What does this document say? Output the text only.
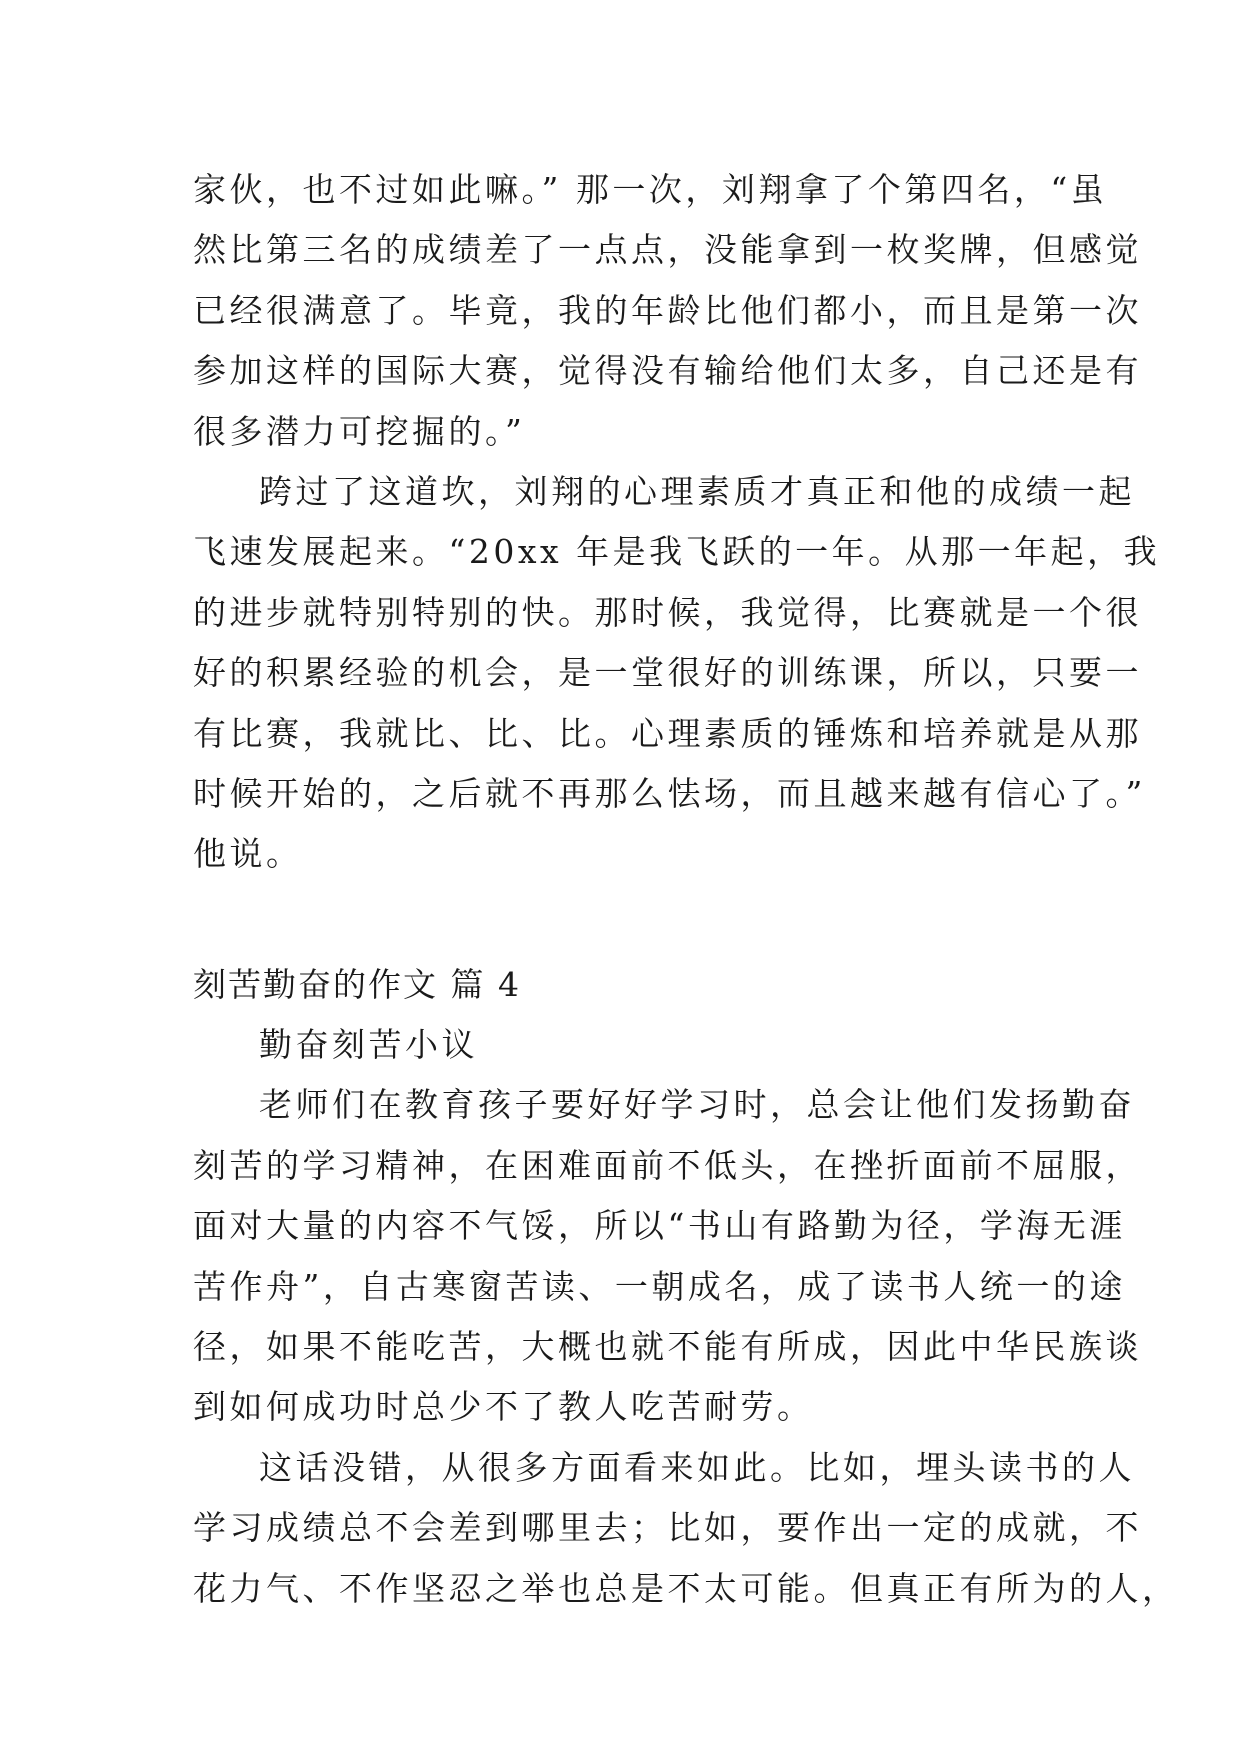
家伙，也不过如此嘛。” 那一次，刘翔拿了个第四名，“虽
然比第三名的成绩差了一点点，没能拿到一枚奖牌，但感觉
已经很满意了。毕竟，我的年龄比他们都小，而且是第一次
参加这样的国际大赛，觉得没有输给他们太多，自己还是有
很多潜力可挖掘的。”
跨过了这道坎，刘翔的心理素质才真正和他的成绩一起
飞速发展起来。“20xx 年是我飞跃的一年。从那一年起，我
的进步就特别特别的快。那时候，我觉得，比赛就是一个很
好的积累经验的机会，是一堂很好的训练课，所以，只要一
有比赛，我就比、比、比。心理素质的锤炼和培养就是从那
时候开始的，之后就不再那么怯场，而且越来越有信心了。”
他说。
刻苦勤奋的作文 篇 4
勤奋刻苦小议
老师们在教育孩子要好好学习时，总会让他们发扬勤奋
刻苦的学习精神，在困难面前不低头，在挫折面前不屈服，
面对大量的内容不气馁，所以“书山有路勤为径，学海无涯
苦作舟”，自古寒窗苦读、一朝成名，成了读书人统一的途
径，如果不能吃苦，大概也就不能有所成，因此中华民族谈
到如何成功时总少不了教人吃苦耐劳。
这话没错，从很多方面看来如此。比如，埋头读书的人
学习成绩总不会差到哪里去；比如，要作出一定的成就，不
花力气、不作坚忍之举也总是不太可能。但真正有所为的人，
